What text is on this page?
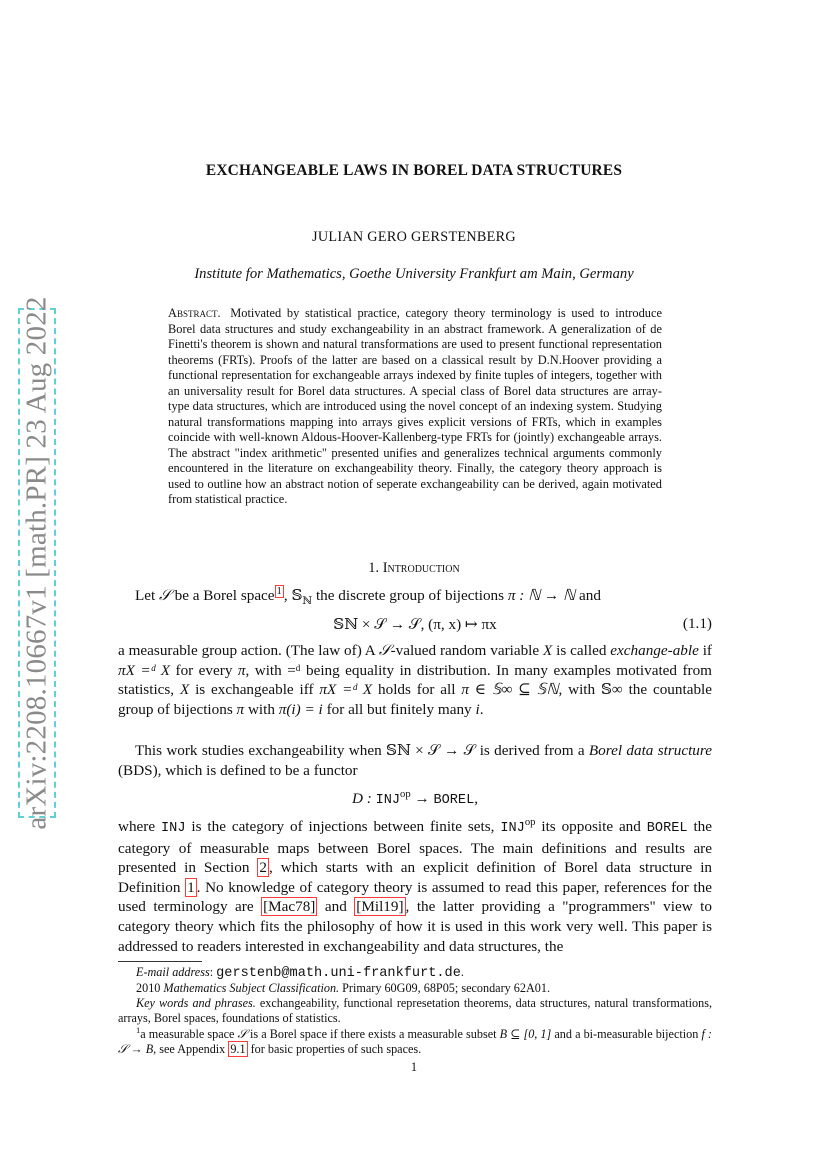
arXiv:2208.10667v1 [math.PR] 23 Aug 2022
EXCHANGEABLE LAWS IN BOREL DATA STRUCTURES
JULIAN GERO GERSTENBERG
Institute for Mathematics, Goethe University Frankfurt am Main, Germany
Abstract. Motivated by statistical practice, category theory terminology is used to introduce Borel data structures and study exchangeability in an abstract framework. A generalization of de Finetti's theorem is shown and natural transformations are used to present functional representation theorems (FRTs). Proofs of the latter are based on a classical result by D.N.Hoover providing a functional representation for exchangeable arrays indexed by finite tuples of integers, together with an universality result for Borel data structures. A special class of Borel data structures are array-type data structures, which are introduced using the novel concept of an indexing system. Studying natural transformations mapping into arrays gives explicit versions of FRTs, which in examples coincide with well-known Aldous-Hoover-Kallenberg-type FRTs for (jointly) exchangeable arrays. The abstract "index arithmetic" presented unifies and generalizes technical arguments commonly encountered in the literature on exchangeability theory. Finally, the category theory approach is used to outline how an abstract notion of seperate exchangeability can be derived, again motivated from statistical practice.
1. Introduction
Let 𝒮 be a Borel space $^1$ , 𝕊$_ℕ$ the discrete group of bijections π : ℕ → ℕ and
𝕊ℕ × 𝒮 → 𝒮, (π, x) ↦ πx	(1.1)
a measurable group action. (The law of) A 𝒮-valued random variable X is called exchange-able if πX =ᵈ X for every π, with =ᵈ being equality in distribution. In many examples motivated from statistics, X is exchangeable iff πX =ᵈ X holds for all π ∈ 𝕊∞ ⊆ 𝕊ℕ, with 𝕊∞ the countable group of bijections π with π(i) = i for all but finitely many i.
This work studies exchangeability when 𝕊ℕ × 𝒮 → 𝒮 is derived from a Borel data structure (BDS), which is defined to be a functor
D : $INJ^{op}$ → BOREL,
where INJ is the category of injections between finite sets, $INJ^{op}$ its opposite and BOREL the category of measurable maps between Borel spaces. The main definitions and results are presented in Section 2 , which starts with an explicit definition of Borel data structure in Definition 1 . No knowledge of category theory is assumed to read this paper, references for the used terminology are [Mac78] and [Mil19] , the latter providing a "programmers" view to category theory which fits the philosophy of how it is used in this work very well. This paper is addressed to readers interested in exchangeability and data structures, the
E-mail address: gerstenb@math.uni-frankfurt.de.
2010 Mathematics Subject Classification. Primary 60G09, 68P05; secondary 62A01.
Key words and phrases. exchangeability, functional represetation theorems, data structures, natural transformations, arrays, Borel spaces, foundations of statistics.
$^1$a measurable space 𝒮 is a Borel space if there exists a measurable subset B ⊆ [0, 1] and a bi-measurable bijection f : 𝒮 → B, see Appendix 9.1 for basic properties of such spaces.
1
